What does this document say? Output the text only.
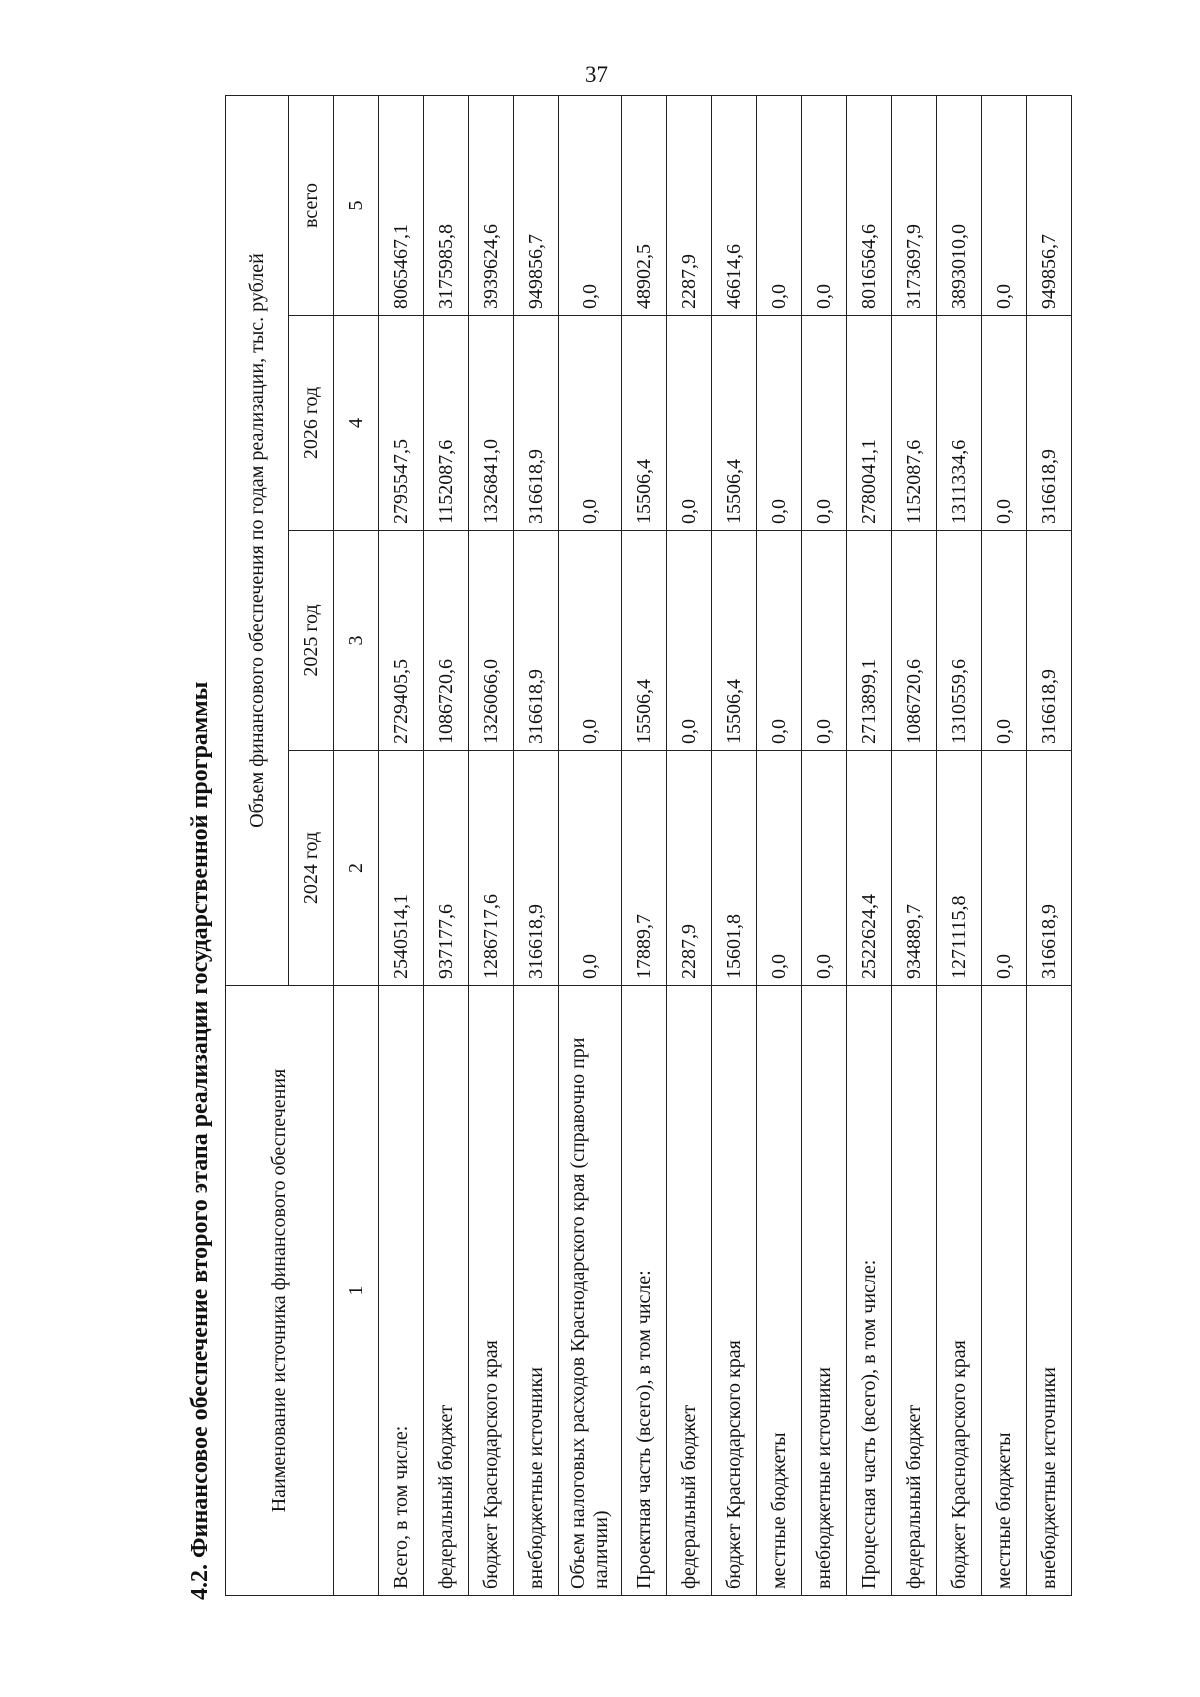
37
4.2. Финансовое обеспечение второго этапа реализации государственной программы	Наименование источника финансового обеспечения	Объем финансового обеспечения по годам реализации, тыс. рублей			
	2024 год	2025 год	2026 год	всего
1	2	3	4	5
Всего, в том числе:	2540514,1	2729405,5	2795547,5	8065467,1
федеральный бюджет	937177,6	1086720,6	1152087,6	3175985,8
бюджет Краснодарского края	1286717,6	1326066,0	1326841,0	3939624,6
внебюджетные источники	316618,9	316618,9	316618,9	949856,7
Объем налоговых расходов Краснодарского края (справочно при наличии)	0,0	0,0	0,0	0,0
Проектная часть (всего), в том числе:	17889,7	15506,4	15506,4	48902,5
федеральный бюджет	2287,9	0,0	0,0	2287,9
бюджет Краснодарского края	15601,8	15506,4	15506,4	46614,6
местные бюджеты	0,0	0,0	0,0	0,0
внебюджетные источники	0,0	0,0	0,0	0,0
Процессная часть (всего), в том числе:	2522624,4	2713899,1	2780041,1	8016564,6
федеральный бюджет	934889,7	1086720,6	1152087,6	3173697,9
бюджет Краснодарского края	1271115,8	1310559,6	1311334,6	3893010,0
местные бюджеты	0,0	0,0	0,0	0,0
внебюджетные источники	316618,9	316618,9	316618,9	949856,7
